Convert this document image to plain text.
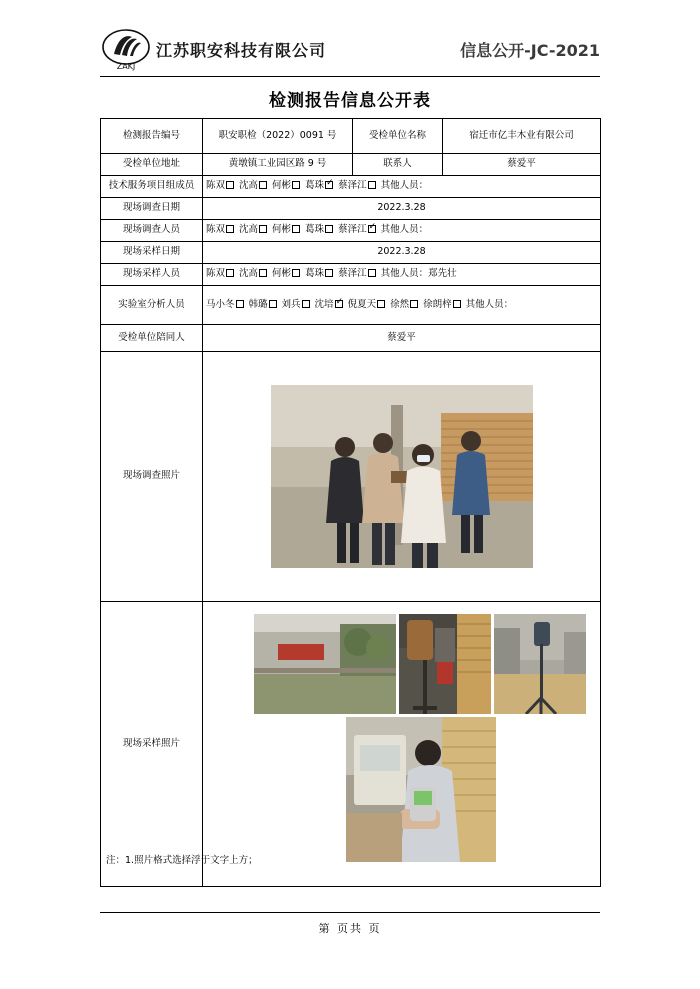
ZAKJ
江苏职安科技有限公司	信息公开-JC-2021
检测报告信息公开表
检测报告编号	职安职检（2022）0091 号	受检单位名称	宿迁市亿丰木业有限公司
受检单位地址	黄墩镇工业园区路 9 号	联系人	蔡爱平
技术服务项目组成员	陈双 沈高 何彬 葛珠 ✓ 蔡泽江 其他人员：
现场调查日期	2022.3.28		
现场调查人员	陈双 沈高 何彬 葛珠 蔡泽江 ✓ 其他人员：
现场采样日期	2022.3.28		
现场采样人员	陈双 沈高 何彬 葛珠 蔡泽江 其他人员：郑先壮		
实验室分析人员	马小冬 韩璐 刘兵 沈培 ✓ 倪夏天 徐然 徐朗梓 其他人员：
受检单位陪同人	蔡爱平		
现场调查照片	

现场采样照片	
注：1.照片格式选择浮于文字上方；
第 页共 页
